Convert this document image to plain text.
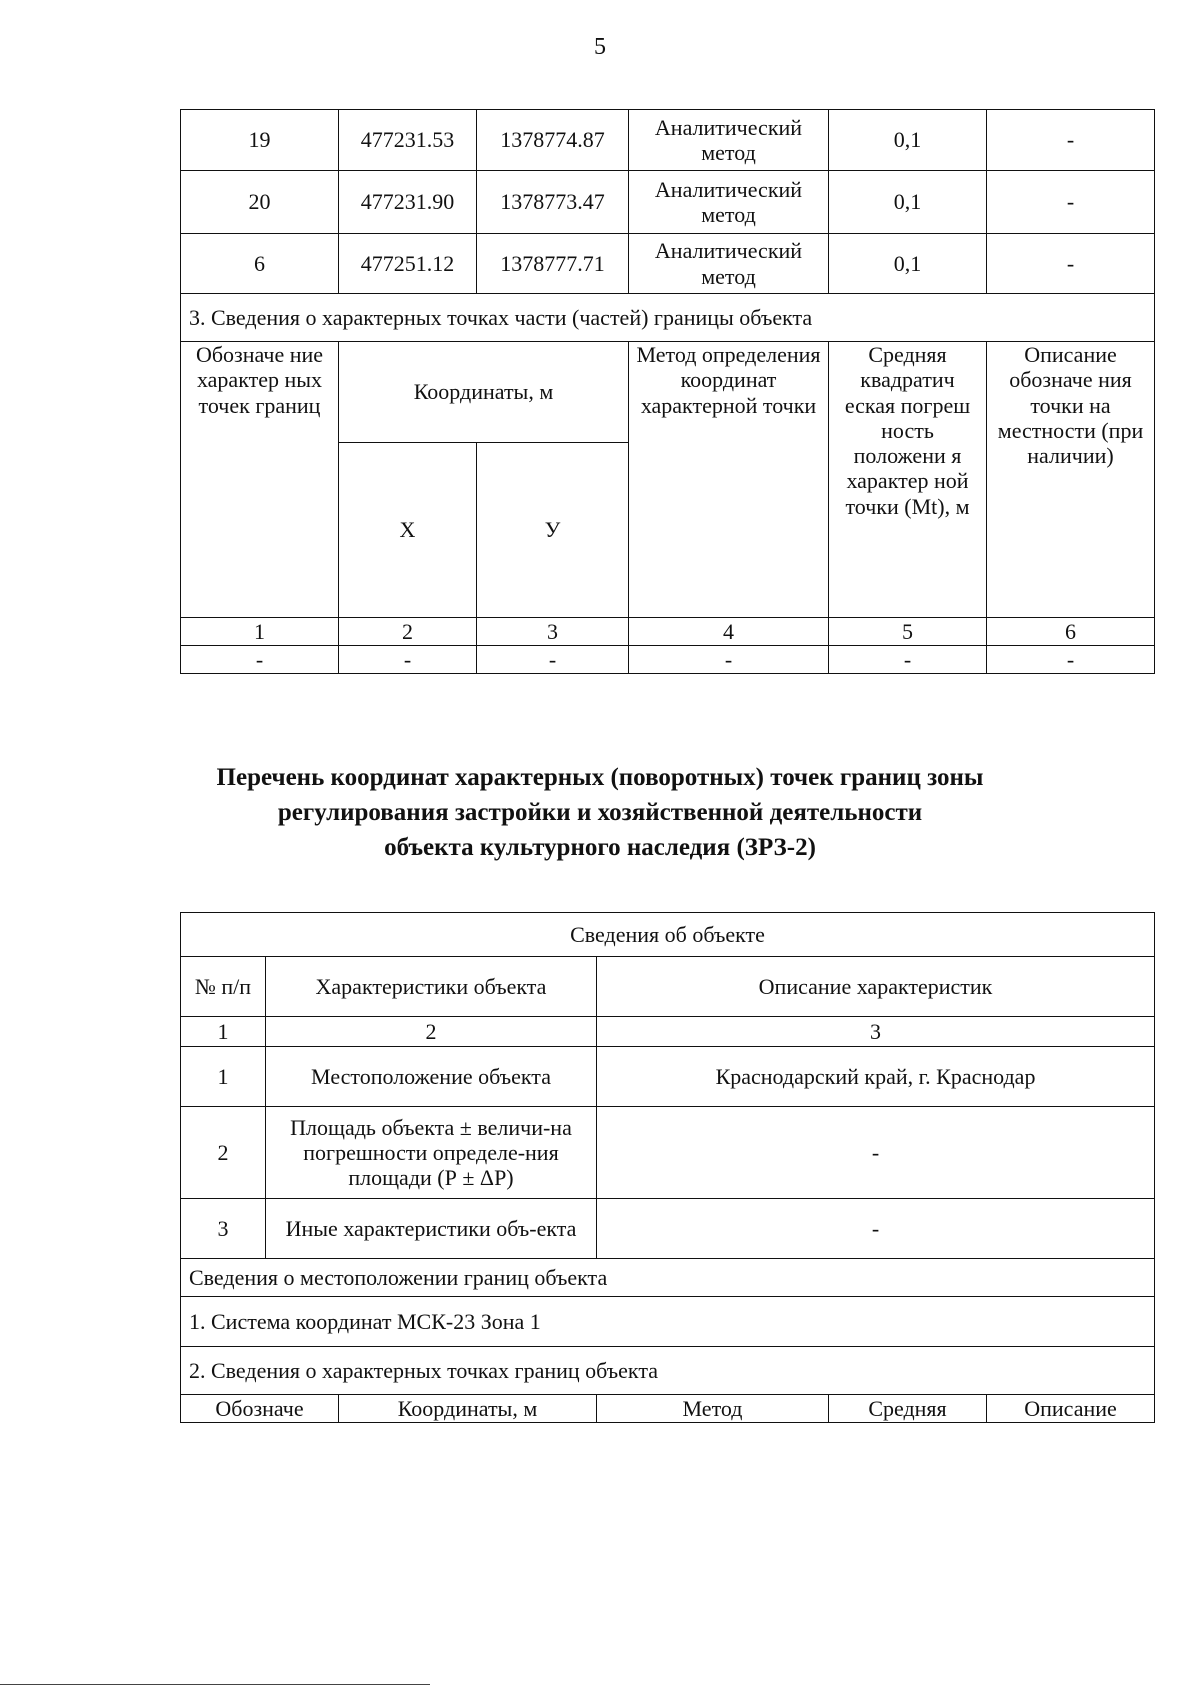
5
19	477231.53	1378774.87	Аналитический метод	0,1	-
20	477231.90	1378773.47	Аналитический метод	0,1	-
6	477251.12	1378777.71	Аналитический метод	0,1	-
3. Сведения о характерных точках части (частей) границы объекта					
Обозначе ние характер ных точек границ	Координаты, м		Метод определения координат характерной точки	Средняя квадратич еская погреш ность положени я характер ной точки (Mt), м	Описание обозначе ния точки на местности (при наличии)
	Х	У			
1	2	3	4	5	6
-	-	-	-	-	-
Перечень координат характерных (поворотных) точек границ зоны
регулирования застройки и хозяйственной деятельности
объекта культурного наследия (ЗРЗ-2)
Сведения об объекте					
№ п/п	Характеристики объекта		Описание характеристик		
1	2		3		
1	Местоположение объекта		Краснодарский край, г. Краснодар		
2	Площадь объекта ± величи-на погрешности определе-ния площади (Р ± ΔР)		-		
3	Иные характеристики объ-екта		-		
Сведения о местоположении границ объекта					
1. Система координат МСК-23 Зона 1					
2. Сведения о характерных точках границ объекта					
Обозначе		Координаты, м	Метод	Средняя	Описание
